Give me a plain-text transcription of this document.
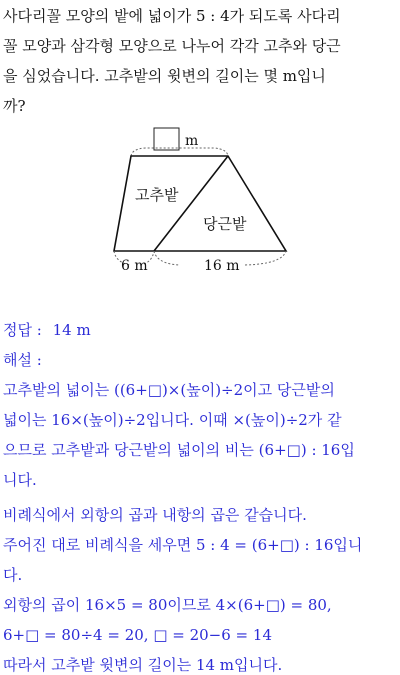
사다리꼴 모양의 밭에 넓이가 5 : 4가 되도록 사다리
꼴 모양과 삼각형 모양으로 나누어 각각 고추와 당근
을 심었습니다. 고추밭의 윗변의 길이는 몇 m입니
까?
m
고추밭
당근밭
6 m	16 m
정답 : 14 m
해설 :
고추밭의 넓이는 ((6+□)×(높이)÷2이고 당근밭의
넓이는 16×(높이)÷2입니다. 이때 ×(높이)÷2가 같
으므로 고추밭과 당근밭의 넓이의 비는 (6+□) : 16입
니다.
비례식에서 외항의 곱과 내항의 곱은 같습니다.
주어진 대로 비례식을 세우면 5 : 4 = (6+□) : 16입니
다.
외항의 곱이 16×5 = 80이므로 4×(6+□) = 80,
6+□ = 80÷4 = 20, □ = 20−6 = 14
따라서 고추밭 윗변의 길이는 14 m입니다.
